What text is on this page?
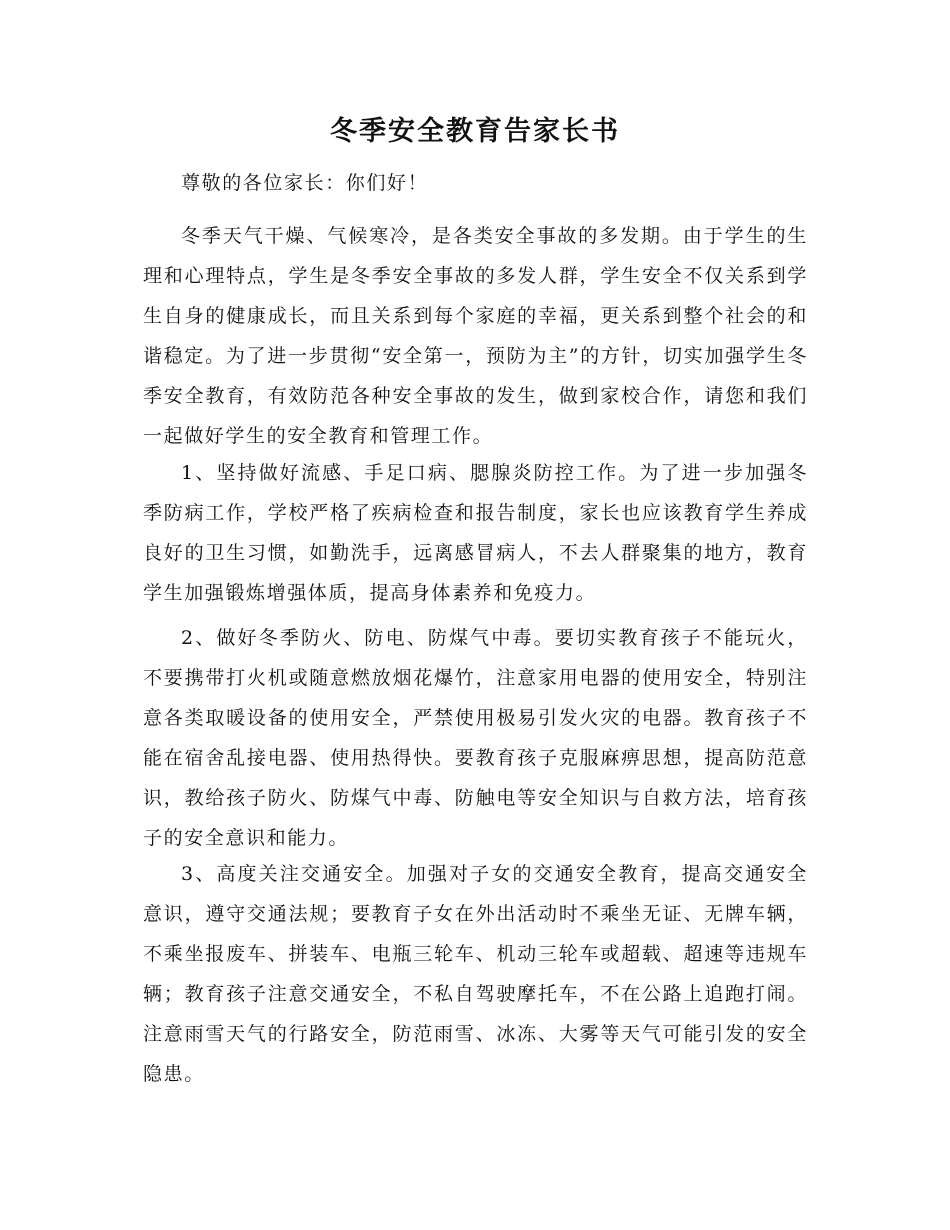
冬季安全教育告家长书
尊敬的各位家长：你们好！
冬季天气干燥、气候寒冷，是各类安全事故的多发期。由于学生的生理和心理特点，学生是冬季安全事故的多发人群，学生安全不仅关系到学生自身的健康成长，而且关系到每个家庭的幸福，更关系到整个社会的和谐稳定。为了进一步贯彻“安全第一，预防为主”的方针，切实加强学生冬季安全教育，有效防范各种安全事故的发生，做到家校合作，请您和我们一起做好学生的安全教育和管理工作。
1、坚持做好流感、手足口病、腮腺炎防控工作。为了进一步加强冬季防病工作，学校严格了疾病检查和报告制度，家长也应该教育学生养成良好的卫生习惯，如勤洗手，远离感冒病人，不去人群聚集的地方，教育学生加强锻炼增强体质，提高身体素养和免疫力。
2、做好冬季防火、防电、防煤气中毒。要切实教育孩子不能玩火，不要携带打火机或随意燃放烟花爆竹，注意家用电器的使用安全，特别注意各类取暖设备的使用安全，严禁使用极易引发火灾的电器。教育孩子不能在宿舍乱接电器、使用热得快。要教育孩子克服麻痹思想，提高防范意识，教给孩子防火、防煤气中毒、防触电等安全知识与自救方法，培育孩子的安全意识和能力。
3、高度关注交通安全。加强对子女的交通安全教育，提高交通安全意识，遵守交通法规；要教育子女在外出活动时不乘坐无证、无牌车辆，不乘坐报废车、拼装车、电瓶三轮车、机动三轮车或超载、超速等违规车辆；教育孩子注意交通安全，不私自驾驶摩托车，不在公路上追跑打闹。注意雨雪天气的行路安全，防范雨雪、冰冻、大雾等天气可能引发的安全隐患。
